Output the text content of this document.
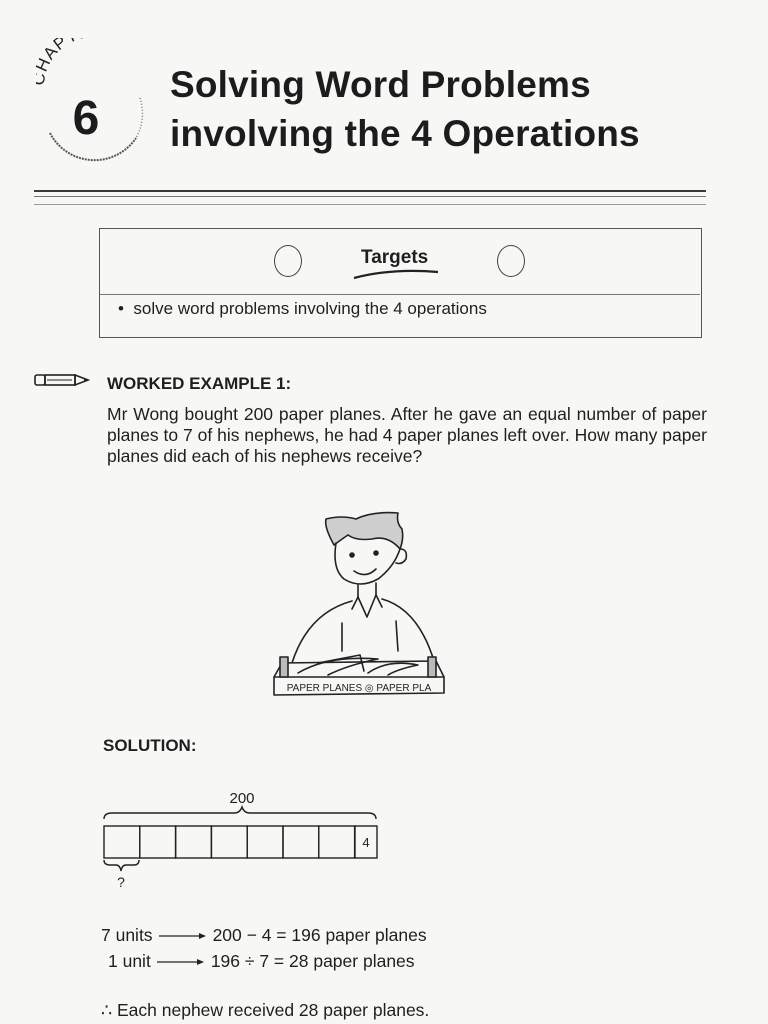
AP
6
Solving Word Problems
involving the 4 Operations
Targets
•  solve word problems involving the 4 operations
WORKED EXAMPLE 1:
Mr Wong bought 200 paper planes. After he gave an equal number of paper planes to 7 of his nephews, he had 4 paper planes left over. How many paper planes did each of his nephews receive?
PAPER PLANES ◎ PAPER PLA
SOLUTION:
200
4
?
7 units	200 − 4 = 196 paper planes
1 unit	196 ÷ 7 = 28 paper planes
∴ Each nephew received 28 paper planes.
